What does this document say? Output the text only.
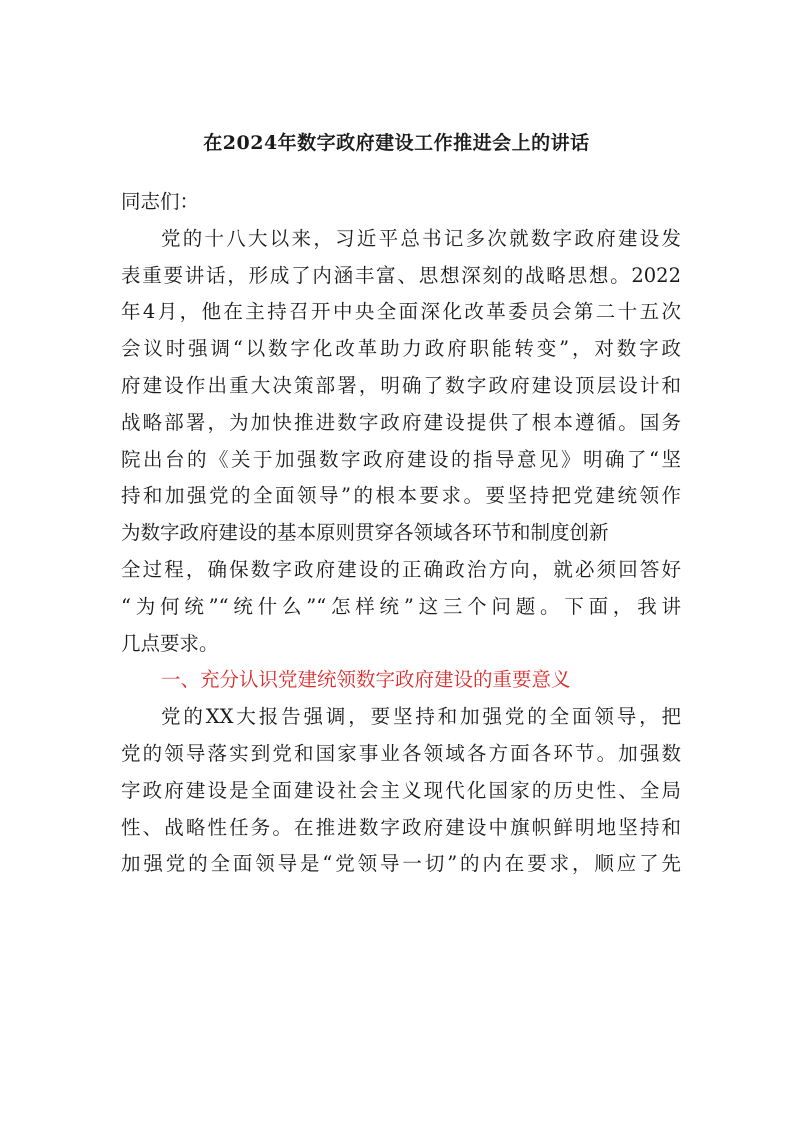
在2024年数字政府建设工作推进会上的讲话
同志们：
党的十八大以来，习近平总书记多次就数字政府建设发
表重要讲话，形成了内涵丰富、思想深刻的战略思想。2022
年4月，他在主持召开中央全面深化改革委员会第二十五次
会议时强调“以数字化改革助力政府职能转变”，对数字政
府建设作出重大决策部署，明确了数字政府建设顶层设计和
战略部署，为加快推进数字政府建设提供了根本遵循。国务
院出台的《关于加强数字政府建设的指导意见》明确了“坚
持和加强党的全面领导”的根本要求。要坚持把党建统领作
为数字政府建设的基本原则贯穿各领域各环节和制度创新
全过程，确保数字政府建设的正确政治方向，就必须回答好
“为何统”“统什么”“怎样统”这三个问题。下面，我讲
几点要求。
一、充分认识党建统领数字政府建设的重要意义
党的XX大报告强调，要坚持和加强党的全面领导，把
党的领导落实到党和国家事业各领域各方面各环节。加强数
字政府建设是全面建设社会主义现代化国家的历史性、全局
性、战略性任务。在推进数字政府建设中旗帜鲜明地坚持和
加强党的全面领导是“党领导一切”的内在要求，顺应了先
